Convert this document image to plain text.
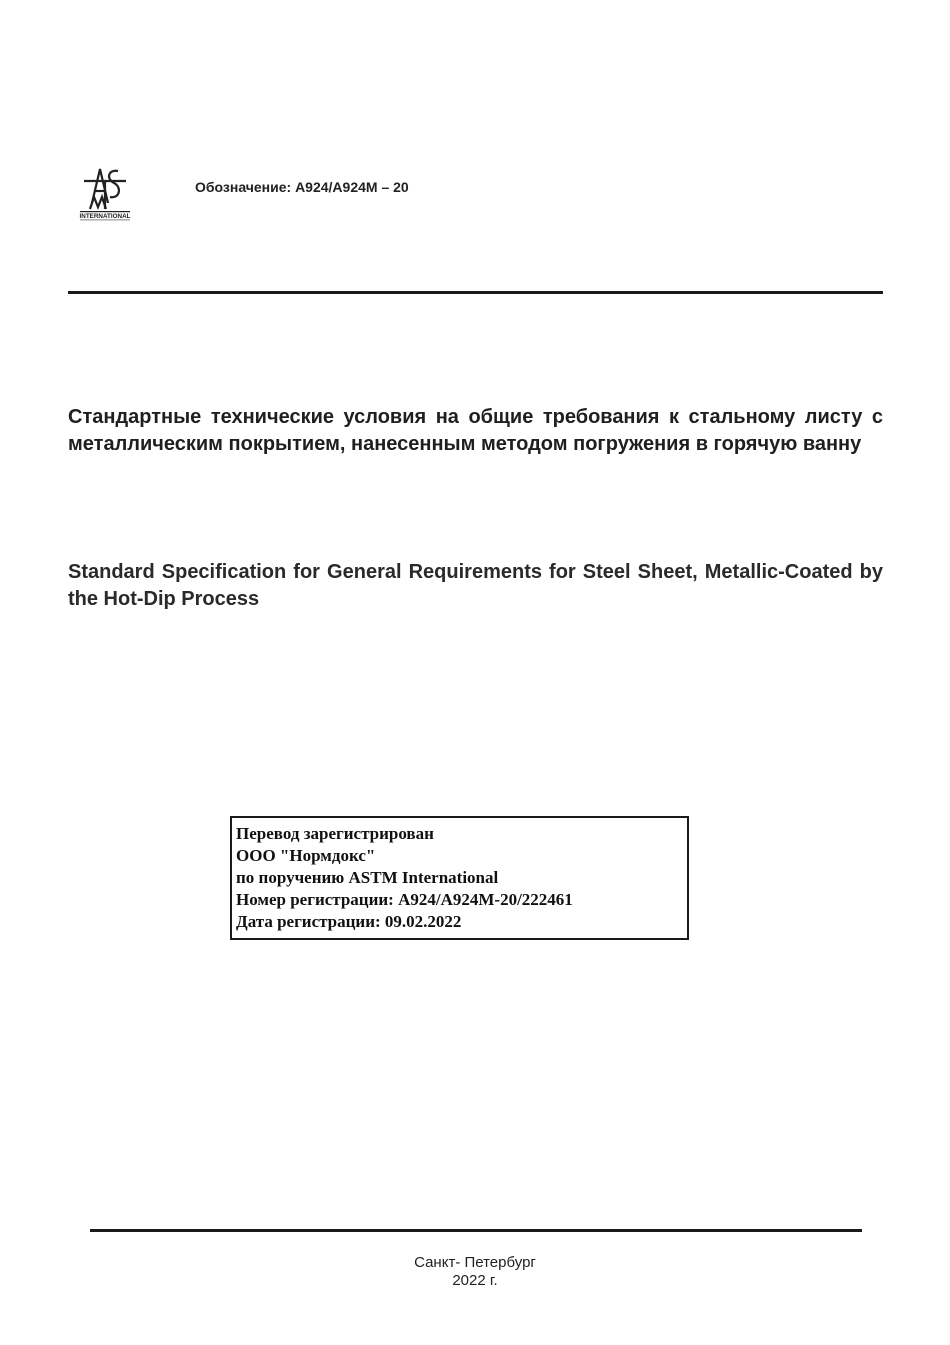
INTERNATIONAL
Обозначение: A924/A924M – 20
Стандартные технические условия на общие требования к стальному листу с металлическим покрытием, нанесенным методом погружения в горячую ванну
Standard Specification for General Requirements for Steel Sheet, Metallic-Coated by the Hot-Dip Process
Перевод зарегистрирован
ООО "Нормдокс"
по поручению ASTM International
Номер регистрации: A924/A924M-20/222461
Дата регистрации: 09.02.2022
Санкт- Петербург
2022 г.
